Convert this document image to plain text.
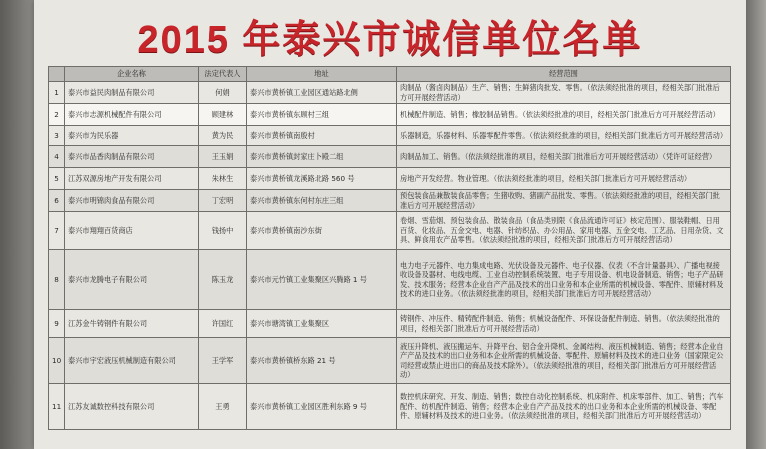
2015 年泰兴市诚信单位名单
	企业名称	法定代表人	地址	经营范围
1	泰兴市益民肉制品有限公司	何娟	泰兴市黄桥镇工业园区通站路北侧	肉制品（酱卤肉制品）生产、销售；生鲜猪肉批发、零售。（依法须经批准的项目，经相关部门批准后方可开展经营活动）
2	泰兴市志源机械配件有限公司	顾建林	泰兴市黄桥镇东顾村三组	机械配件制造、销售；橡胶制品销售。（依法须经批准的项目，经相关部门批准后方可开展经营活动）
3	泰兴市为民乐器	黄为民	泰兴市黄桥镇南殷村	乐器制造，乐器材料、乐器零配件零售。（依法须经批准的项目，经相关部门批准后方可开展经营活动）
4	泰兴市品香肉制品有限公司	王玉娟	泰兴市黄桥镇封家庄卜殿二组	肉制品加工、销售。（依法须经批准的项目，经相关部门批准后方可开展经营活动）（凭许可证经营）
5	江苏双源房地产开发有限公司	朱林生	泰兴市黄桥镇龙溪路北路 560 号	房地产开发经营。物业管理。（依法须经批准的项目，经相关部门批准后方可开展经营活动）
6	泰兴市明锦肉食品有限公司	丁宏明	泰兴市黄桥镇东何村东庄三组	预包装食品兼散装食品零售；生猪收购、猪副产品批发、零售。（依法须经批准的项目，经相关部门批准后方可开展经营活动）
7	泰兴市翔翔百货商店	钱扬中	泰兴市黄桥镇南沙东街	卷烟、雪茄烟、预包装食品、散装食品（食品类别限《食品流通许可证》核定范围）、服装鞋帽、日用百货、化妆品、五金交电、电器、针纺织品、办公用品、家用电器、五金交电、工艺品、日用杂货、文具、鲜食用农产品零售。（依法须经批准的项目，经相关部门批准后方可开展经营活动）
8	泰兴市龙腾电子有限公司	陈玉龙	泰兴市元竹镇工业集聚区兴腾路 1 号	电力电子元器件、电力集成电路、光伏设备及元器件、电子仪器、仪表（不含计量器具）、广播电视接收设备及器材、电线电缆、工业自动控制系统装置、电子专用设备、机电设备制造、销售；电子产品研发、技术服务；经营本企业自产产品及技术的出口业务和本企业所需的机械设备、零配件、原辅材料及技术的进口业务。（依法须经批准的项目，经相关部门批准后方可开展经营活动）
9	江苏金牛铸钢件有限公司	许国红	泰兴市塘湾镇工业集聚区	铸钢件、冲压件、精铸配件制造、销售；机械设备配件、环保设备配件制造、销售。（依法须经批准的项目，经相关部门批准后方可开展经营活动）
10	泰兴市宇宏液压机械制造有限公司	王学军	泰兴市黄桥镇桥东路 21 号	液压升降机、液压搬运车、升降平台、铝合金升降机、金属结构、液压机械制造、销售；经营本企业自产产品及技术的出口业务和本企业所需的机械设备、零配件、原辅材料及技术的进口业务（国家限定公司经营或禁止进出口的商品及技术除外）。（依法须经批准的项目，经相关部门批准后方可开展经营活动）
11	江苏友诚数控科技有限公司	王勇	泰兴市黄桥镇工业园区胜利东路 9 号	数控机床研究、开发、制造、销售；数控自动化控制系统、机床附件、机床零部件、加工、销售；汽车配件、纺机配件制造、销售；经营本企业自产产品及技术的出口业务和本企业所需的机械设备、零配件、原辅材料及技术的进口业务。（依法须经批准的项目，经相关部门批准后方可开展经营活动）
